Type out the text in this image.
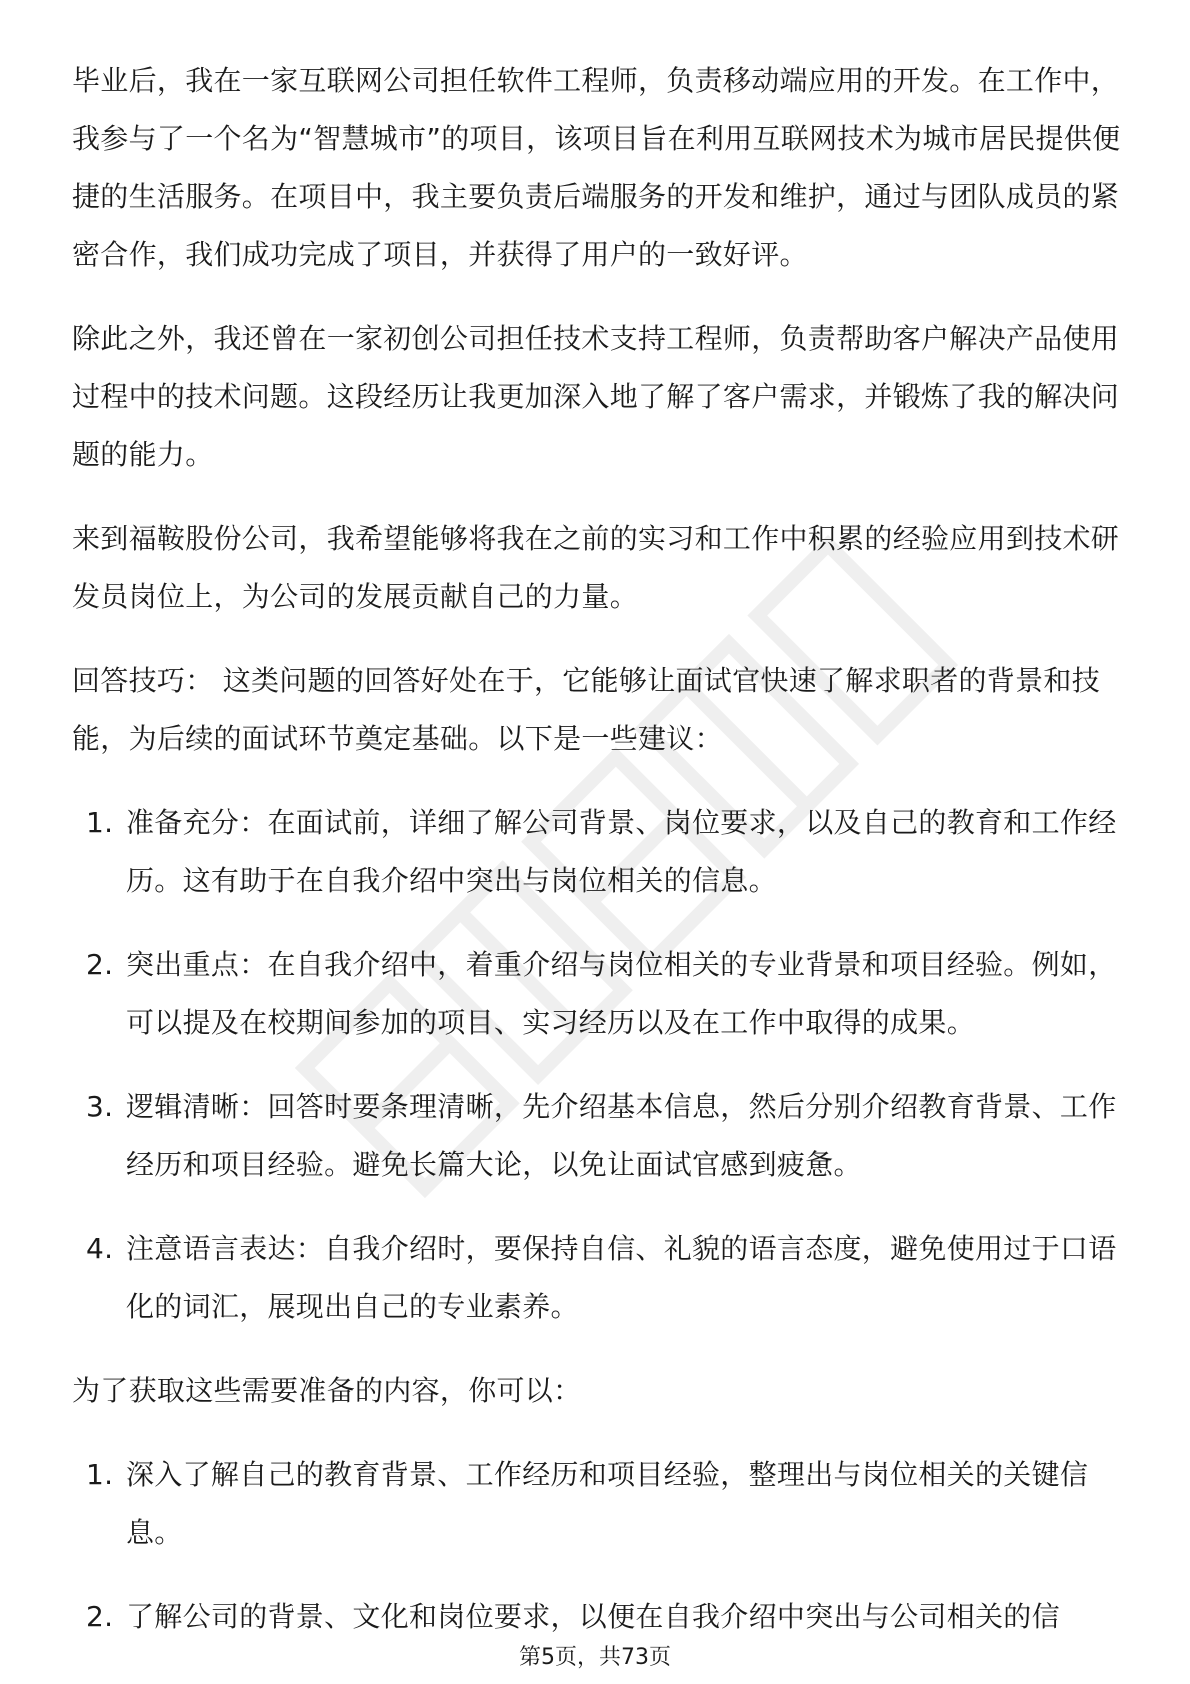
毕业后，我在一家互联网公司担任软件工程师，负责移动端应用的开发。在工作中，我参与了一个名为“智慧城市”的项目，该项目旨在利用互联网技术为城市居民提供便捷的生活服务。在项目中，我主要负责后端服务的开发和维护，通过与团队成员的紧密合作，我们成功完成了项目，并获得了用户的一致好评。

除此之外，我还曾在一家初创公司担任技术支持工程师，负责帮助客户解决产品使用过程中的技术问题。这段经历让我更加深入地了解了客户需求，并锻炼了我的解决问题的能力。

来到福鞍股份公司，我希望能够将我在之前的实习和工作中积累的经验应用到技术研发员岗位上，为公司的发展贡献自己的力量。

回答技巧： 这类问题的回答好处在于，它能够让面试官快速了解求职者的背景和技能，为后续的面试环节奠定基础。以下是一些建议：

1. 准备充分：在面试前，详细了解公司背景、岗位要求，以及自己的教育和工作经历。这有助于在自我介绍中突出与岗位相关的信息。
2. 突出重点：在自我介绍中，着重介绍与岗位相关的专业背景和项目经验。例如，可以提及在校期间参加的项目、实习经历以及在工作中取得的成果。
3. 逻辑清晰：回答时要条理清晰，先介绍基本信息，然后分别介绍教育背景、工作经历和项目经验。避免长篇大论，以免让面试官感到疲惫。
4. 注意语言表达：自我介绍时，要保持自信、礼貌的语言态度，避免使用过于口语化的词汇，展现出自己的专业素养。

为了获取这些需要准备的内容，你可以：

1. 深入了解自己的教育背景、工作经历和项目经验，整理出与岗位相关的关键信息。
2. 了解公司的背景、文化和岗位要求，以便在自我介绍中突出与公司相关的信
第5页，共73页
